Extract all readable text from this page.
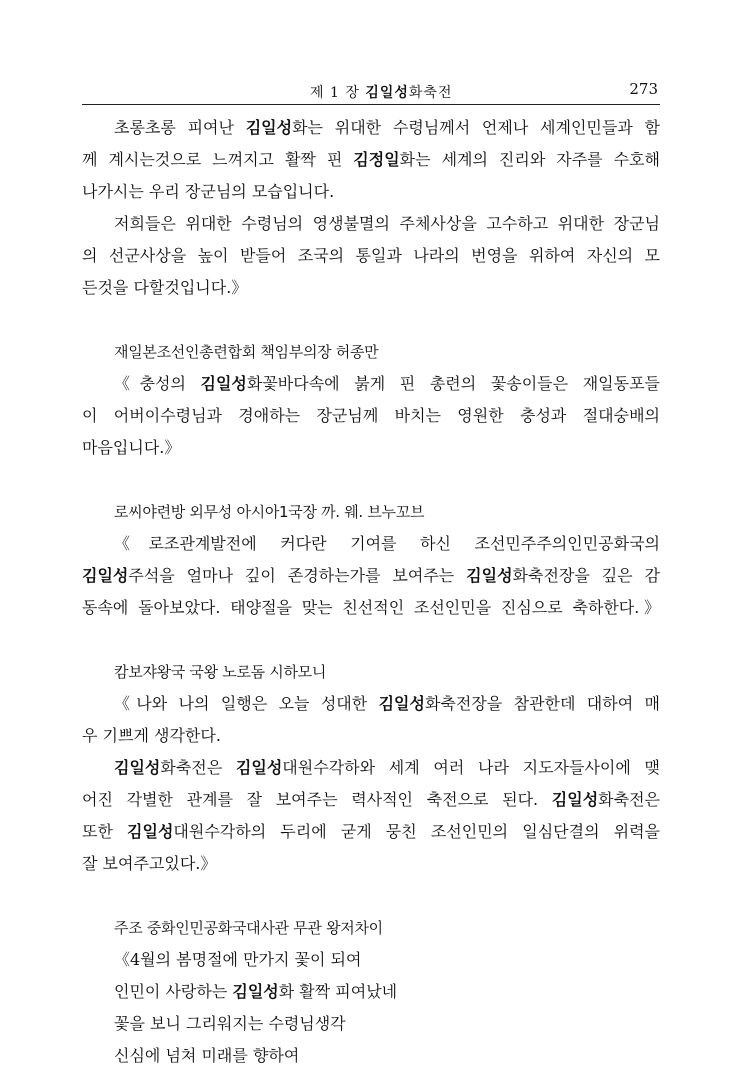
제 1 장 김일성화축전	273

초롱초롱 피여난 김일성화는 위대한 수령님께서 언제나 세계인민들과 함

께 계시는것으로 느껴지고 활짝 핀 김정일화는 세계의 진리와 자주를 수호해

나가시는 우리 장군님의 모습입니다.

저희들은 위대한 수령님의 영생불멸의 주체사상을 고수하고 위대한 장군님

의 선군사상을 높이 받들어 조국의 통일과 나라의 번영을 위하여 자신의 모

든것을 다할것입니다.》

재일본조선인총련합회 책임부의장 허종만

《충성의 김일성화꽃바다속에 붉게 핀 총련의 꽃송이들은 재일동포들

이 어버이수령님과 경애하는 장군님께 바치는 영원한 충성과 절대숭배의

마음입니다.》

로씨야련방 외무성 아시아1국장 까. 웨. 브누꼬브

《로조관계발전에 커다란 기여를 하신 조선민주주의인민공화국의

김일성주석을 얼마나 깊이 존경하는가를 보여주는 김일성화축전장을 깊은 감

동속에 돌아보았다. 태양절을 맞는 친선적인 조선인민을 진심으로 축하한다.》

캄보쟈왕국 국왕 노로돔 시하모니

《나와 나의 일행은 오늘 성대한 김일성화축전장을 참관한데 대하여 매

우 기쁘게 생각한다.

김일성화축전은 김일성대원수각하와 세계 여러 나라 지도자들사이에 맺

어진 각별한 관계를 잘 보여주는 력사적인 축전으로 된다. 김일성화축전은

또한 김일성대원수각하의 두리에 굳게 뭉친 조선인민의 일심단결의 위력을

잘 보여주고있다.》

주조 중화인민공화국대사관 무관 왕저차이

《4월의 봄명절에 만가지 꽃이 되여

인민이 사랑하는 김일성화 활짝 피여났네

꽃을 보니 그리워지는 수령님생각

신심에 넘쳐 미래를 향하여
